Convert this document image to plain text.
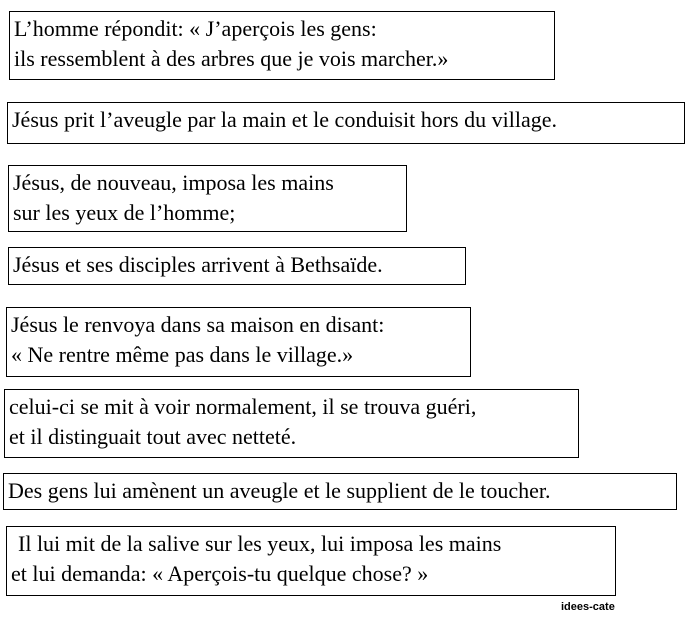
L’homme répondit: « J’aperçois les gens:
ils ressemblent à des arbres que je vois marcher.»
Jésus prit l’aveugle par la main et le conduisit hors du village.
Jésus, de nouveau, imposa les mains
sur les yeux de l’homme;
Jésus et ses disciples arrivent à Bethsaïde.
Jésus le renvoya dans sa maison en disant:
« Ne rentre même pas dans le village.»
celui-ci se mit à voir normalement, il se trouva guéri,
et il distinguait tout avec netteté.
Des gens lui amènent un aveugle et le supplient de le toucher.
Il lui mit de la salive sur les yeux, lui imposa les mains
et lui demanda: « Aperçois-tu quelque chose? »
idees-cate
